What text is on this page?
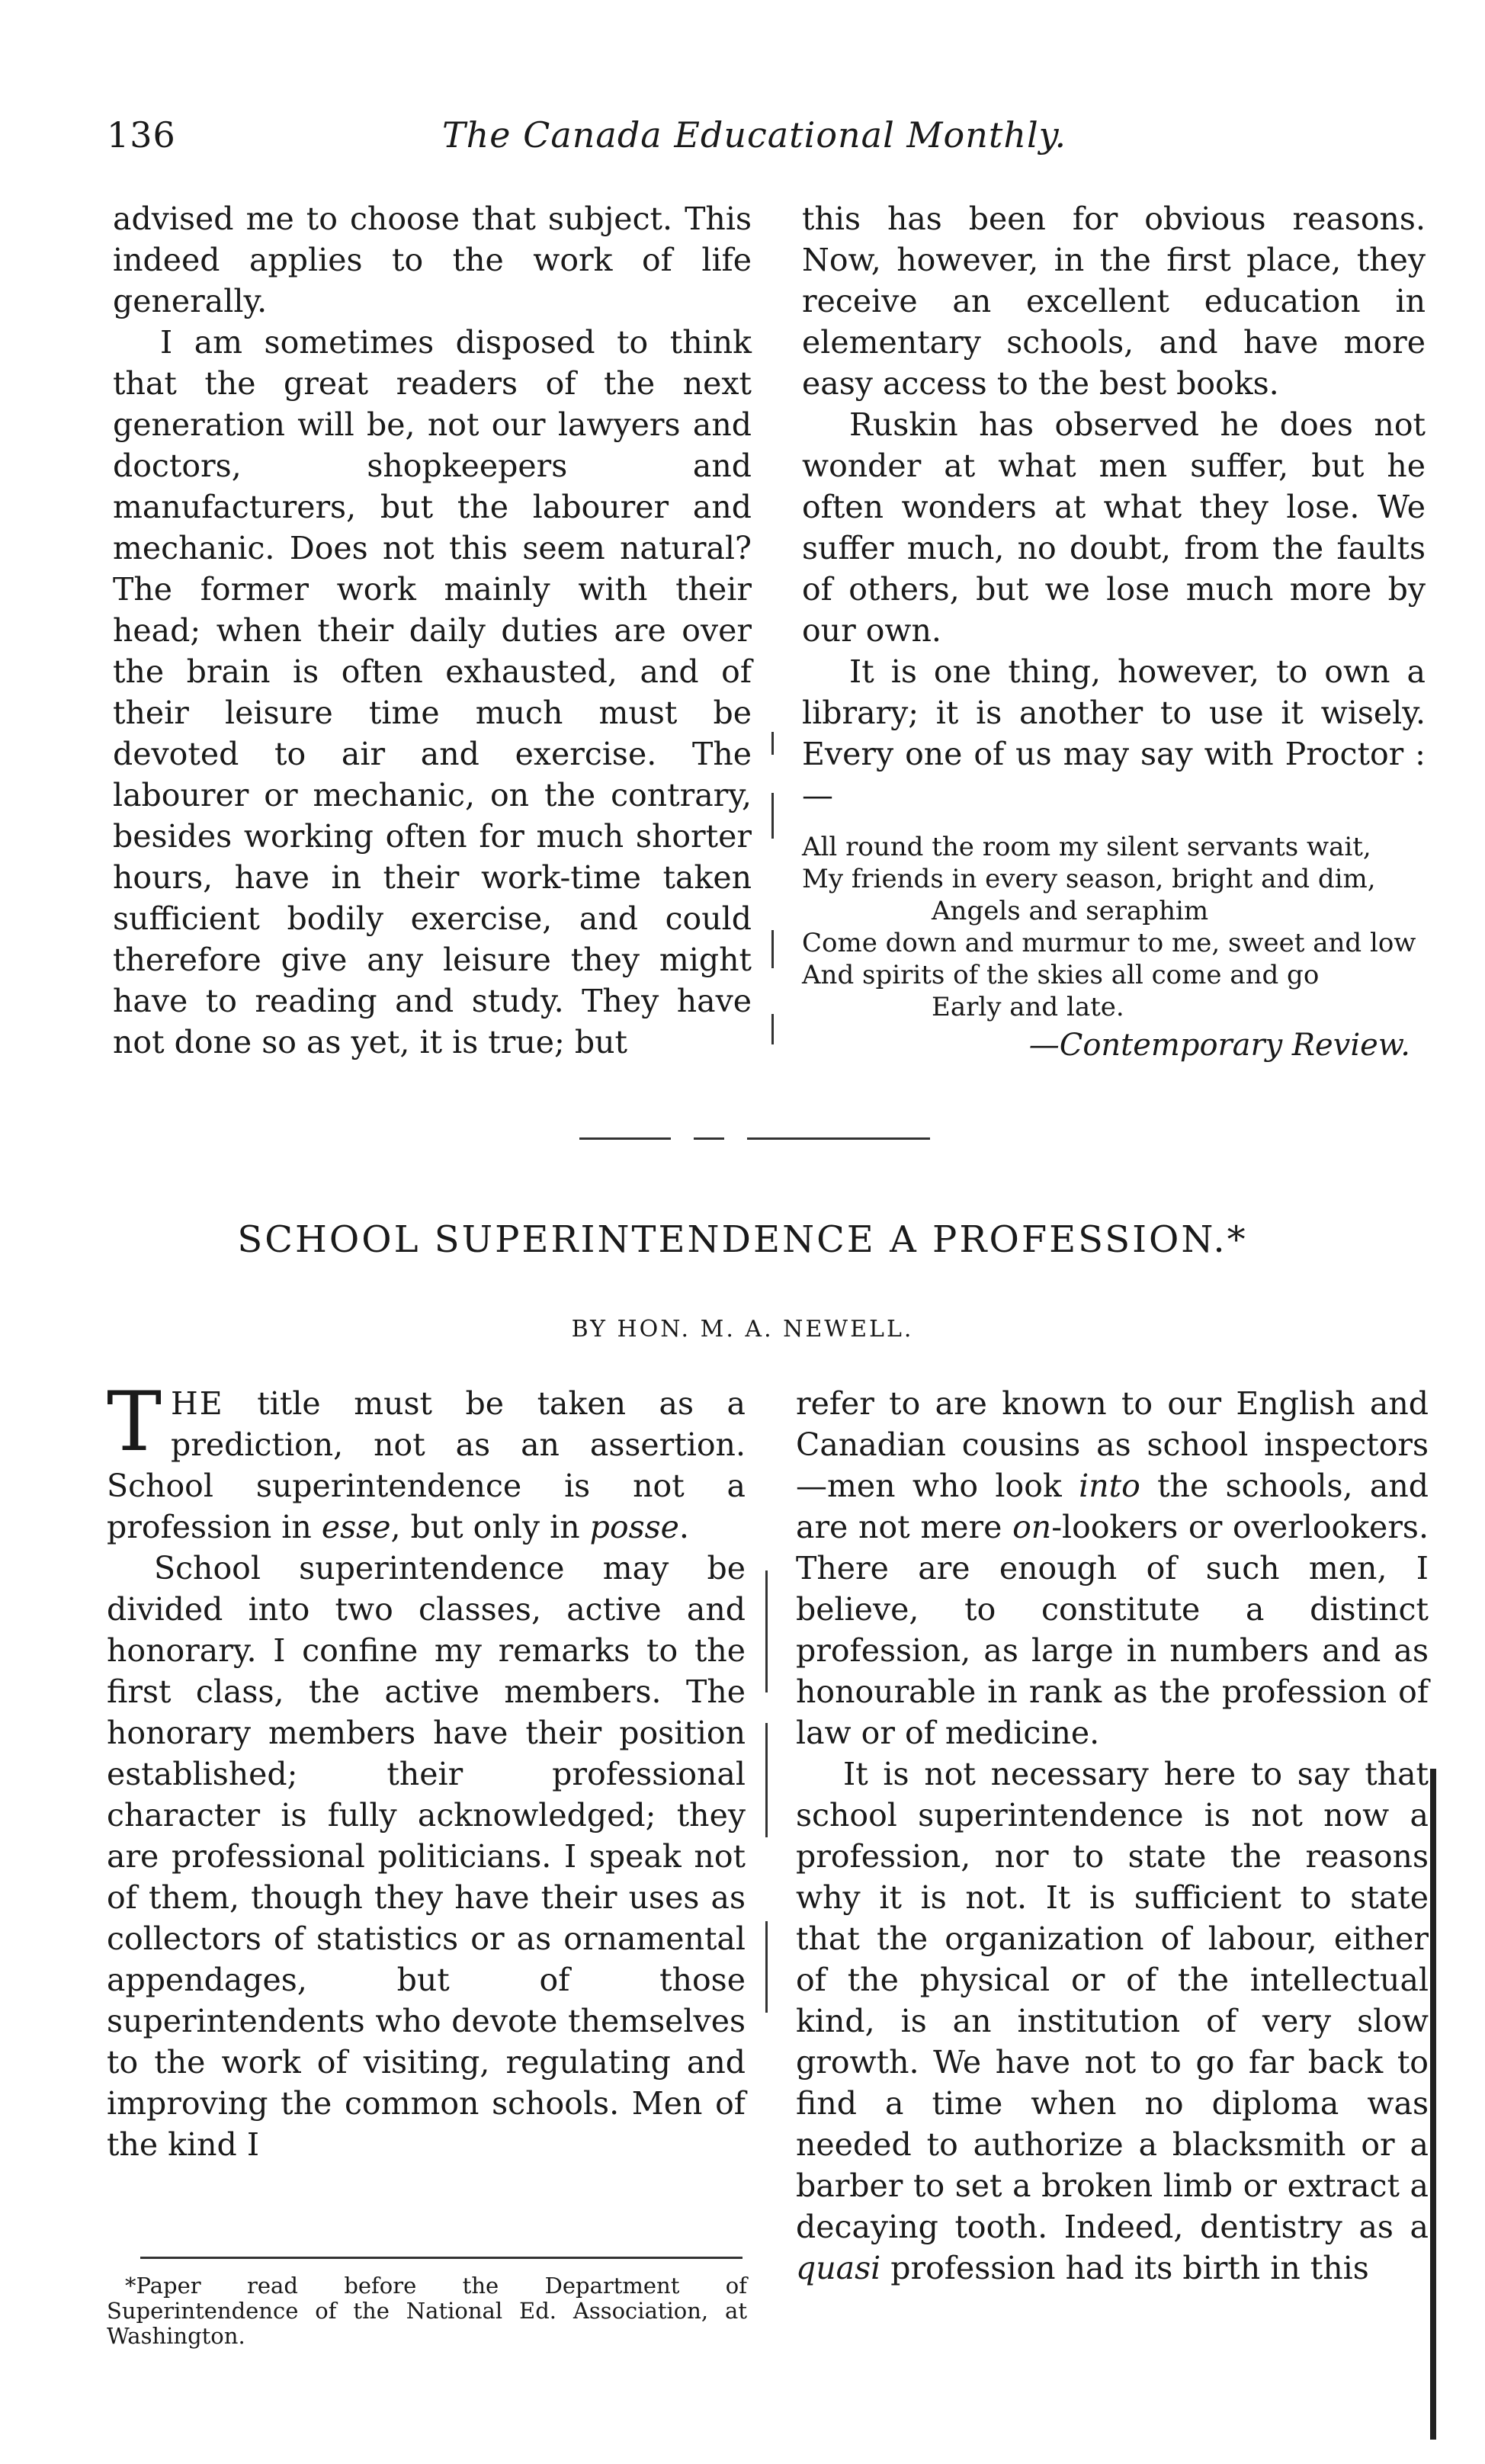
136	The Canada Educational Monthly.

advised me to choose that subject. This indeed applies to the work of life generally.

I am sometimes disposed to think that the great readers of the next generation will be, not our lawyers and doctors, shopkeepers and manufacturers, but the labourer and mechanic. Does not this seem natural? The former work mainly with their head; when their daily duties are over the brain is often exhausted, and of their leisure time much must be devoted to air and exercise. The labourer or mechanic, on the contrary, besides working often for much shorter hours, have in their work-time taken sufficient bodily exercise, and could therefore give any leisure they might have to reading and study. They have not done so as yet, it is true; but

this has been for obvious reasons. Now, however, in the first place, they receive an excellent education in elementary schools, and have more easy access to the best books.

Ruskin has observed he does not wonder at what men suffer, but he often wonders at what they lose. We suffer much, no doubt, from the faults of others, but we lose much more by our own.

It is one thing, however, to own a library; it is another to use it wisely. Every one of us may say with Proctor :—

All round the room my silent servants wait,
My friends in every season, bright and dim,
Angels and seraphim
Come down and murmur to me, sweet and low
And spirits of the skies all come and go
Early and late.
—Contemporary Review.
SCHOOL SUPERINTENDENCE A PROFESSION.*
BY HON. M. A. NEWELL.

THE title must be taken as a prediction, not as an assertion. School superintendence is not a profession in esse, but only in posse.

School superintendence may be divided into two classes, active and honorary. I confine my remarks to the first class, the active members. The honorary members have their position established; their professional character is fully acknowledged; they are professional politicians. I speak not of them, though they have their uses as collectors of statistics or as ornamental appendages, but of those superintendents who devote themselves to the work of visiting, regulating and improving the common schools. Men of the kind I

refer to are known to our English and Canadian cousins as school inspectors—men who look into the schools, and are not mere on-lookers or overlookers. There are enough of such men, I believe, to constitute a distinct profession, as large in numbers and as honourable in rank as the profession of law or of medicine.

It is not necessary here to say that school superintendence is not now a profession, nor to state the reasons why it is not. It is sufficient to state that the organization of labour, either of the physical or of the intellectual kind, is an institution of very slow growth. We have not to go far back to find a time when no diploma was needed to authorize a blacksmith or a barber to set a broken limb or extract a decaying tooth. Indeed, dentistry as a quasi profession had its birth in this

*Paper read before the Department of Superintendence of the National Ed. Association, at Washington.
